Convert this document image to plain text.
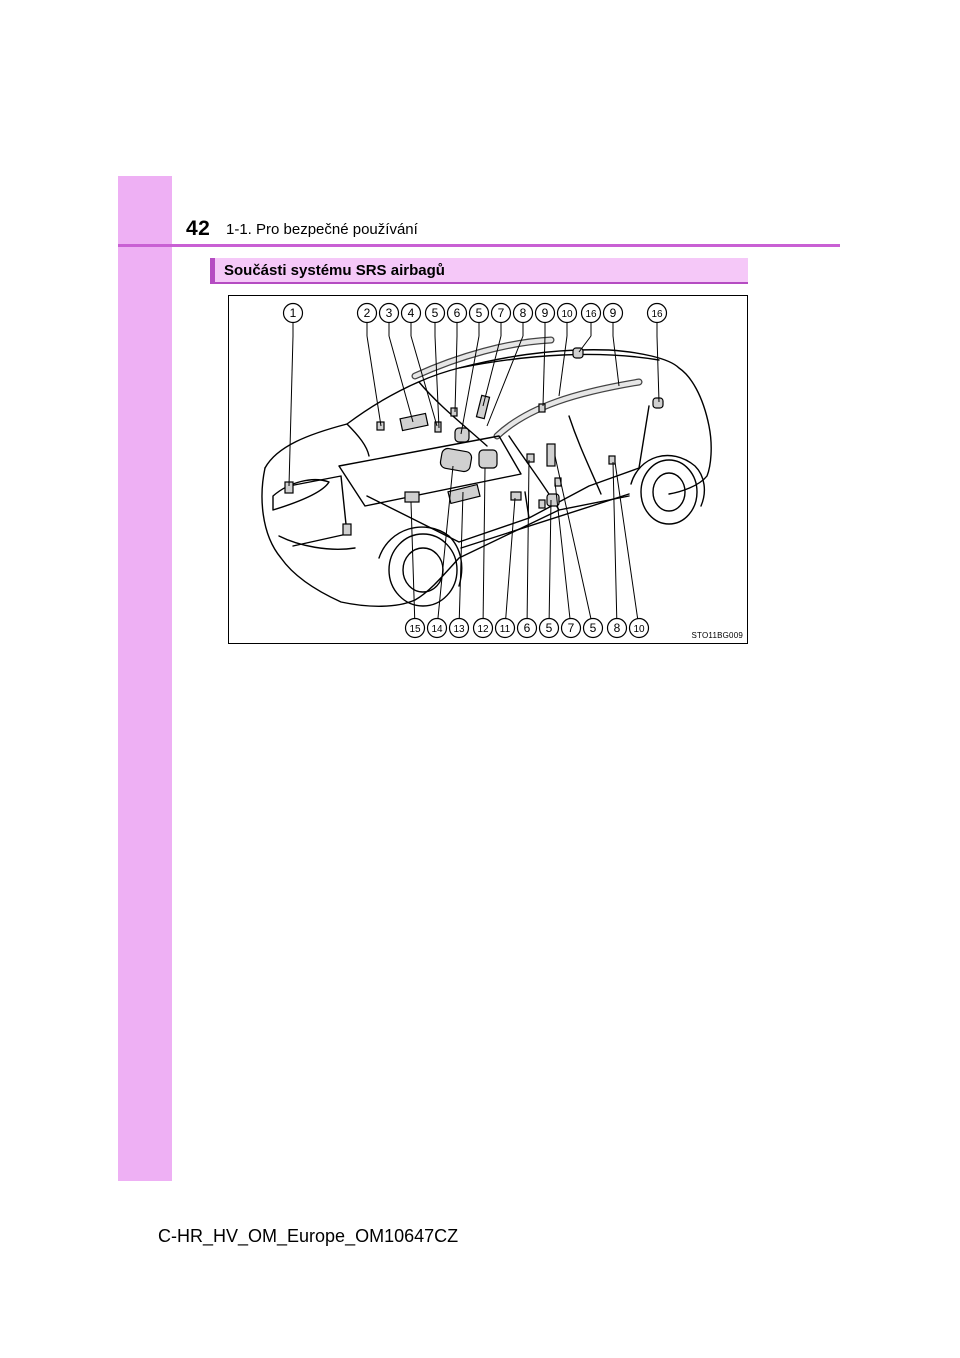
42 1-1. Pro bezpečné používání
Součásti systému SRS airbagů
1	2 3 4 5 6 5 7 8 9 10 16 9	16
15 14 13 12 11 6 5 7 5 8 10
STO11BG009
C-HR_HV_OM_Europe_OM10647CZ
